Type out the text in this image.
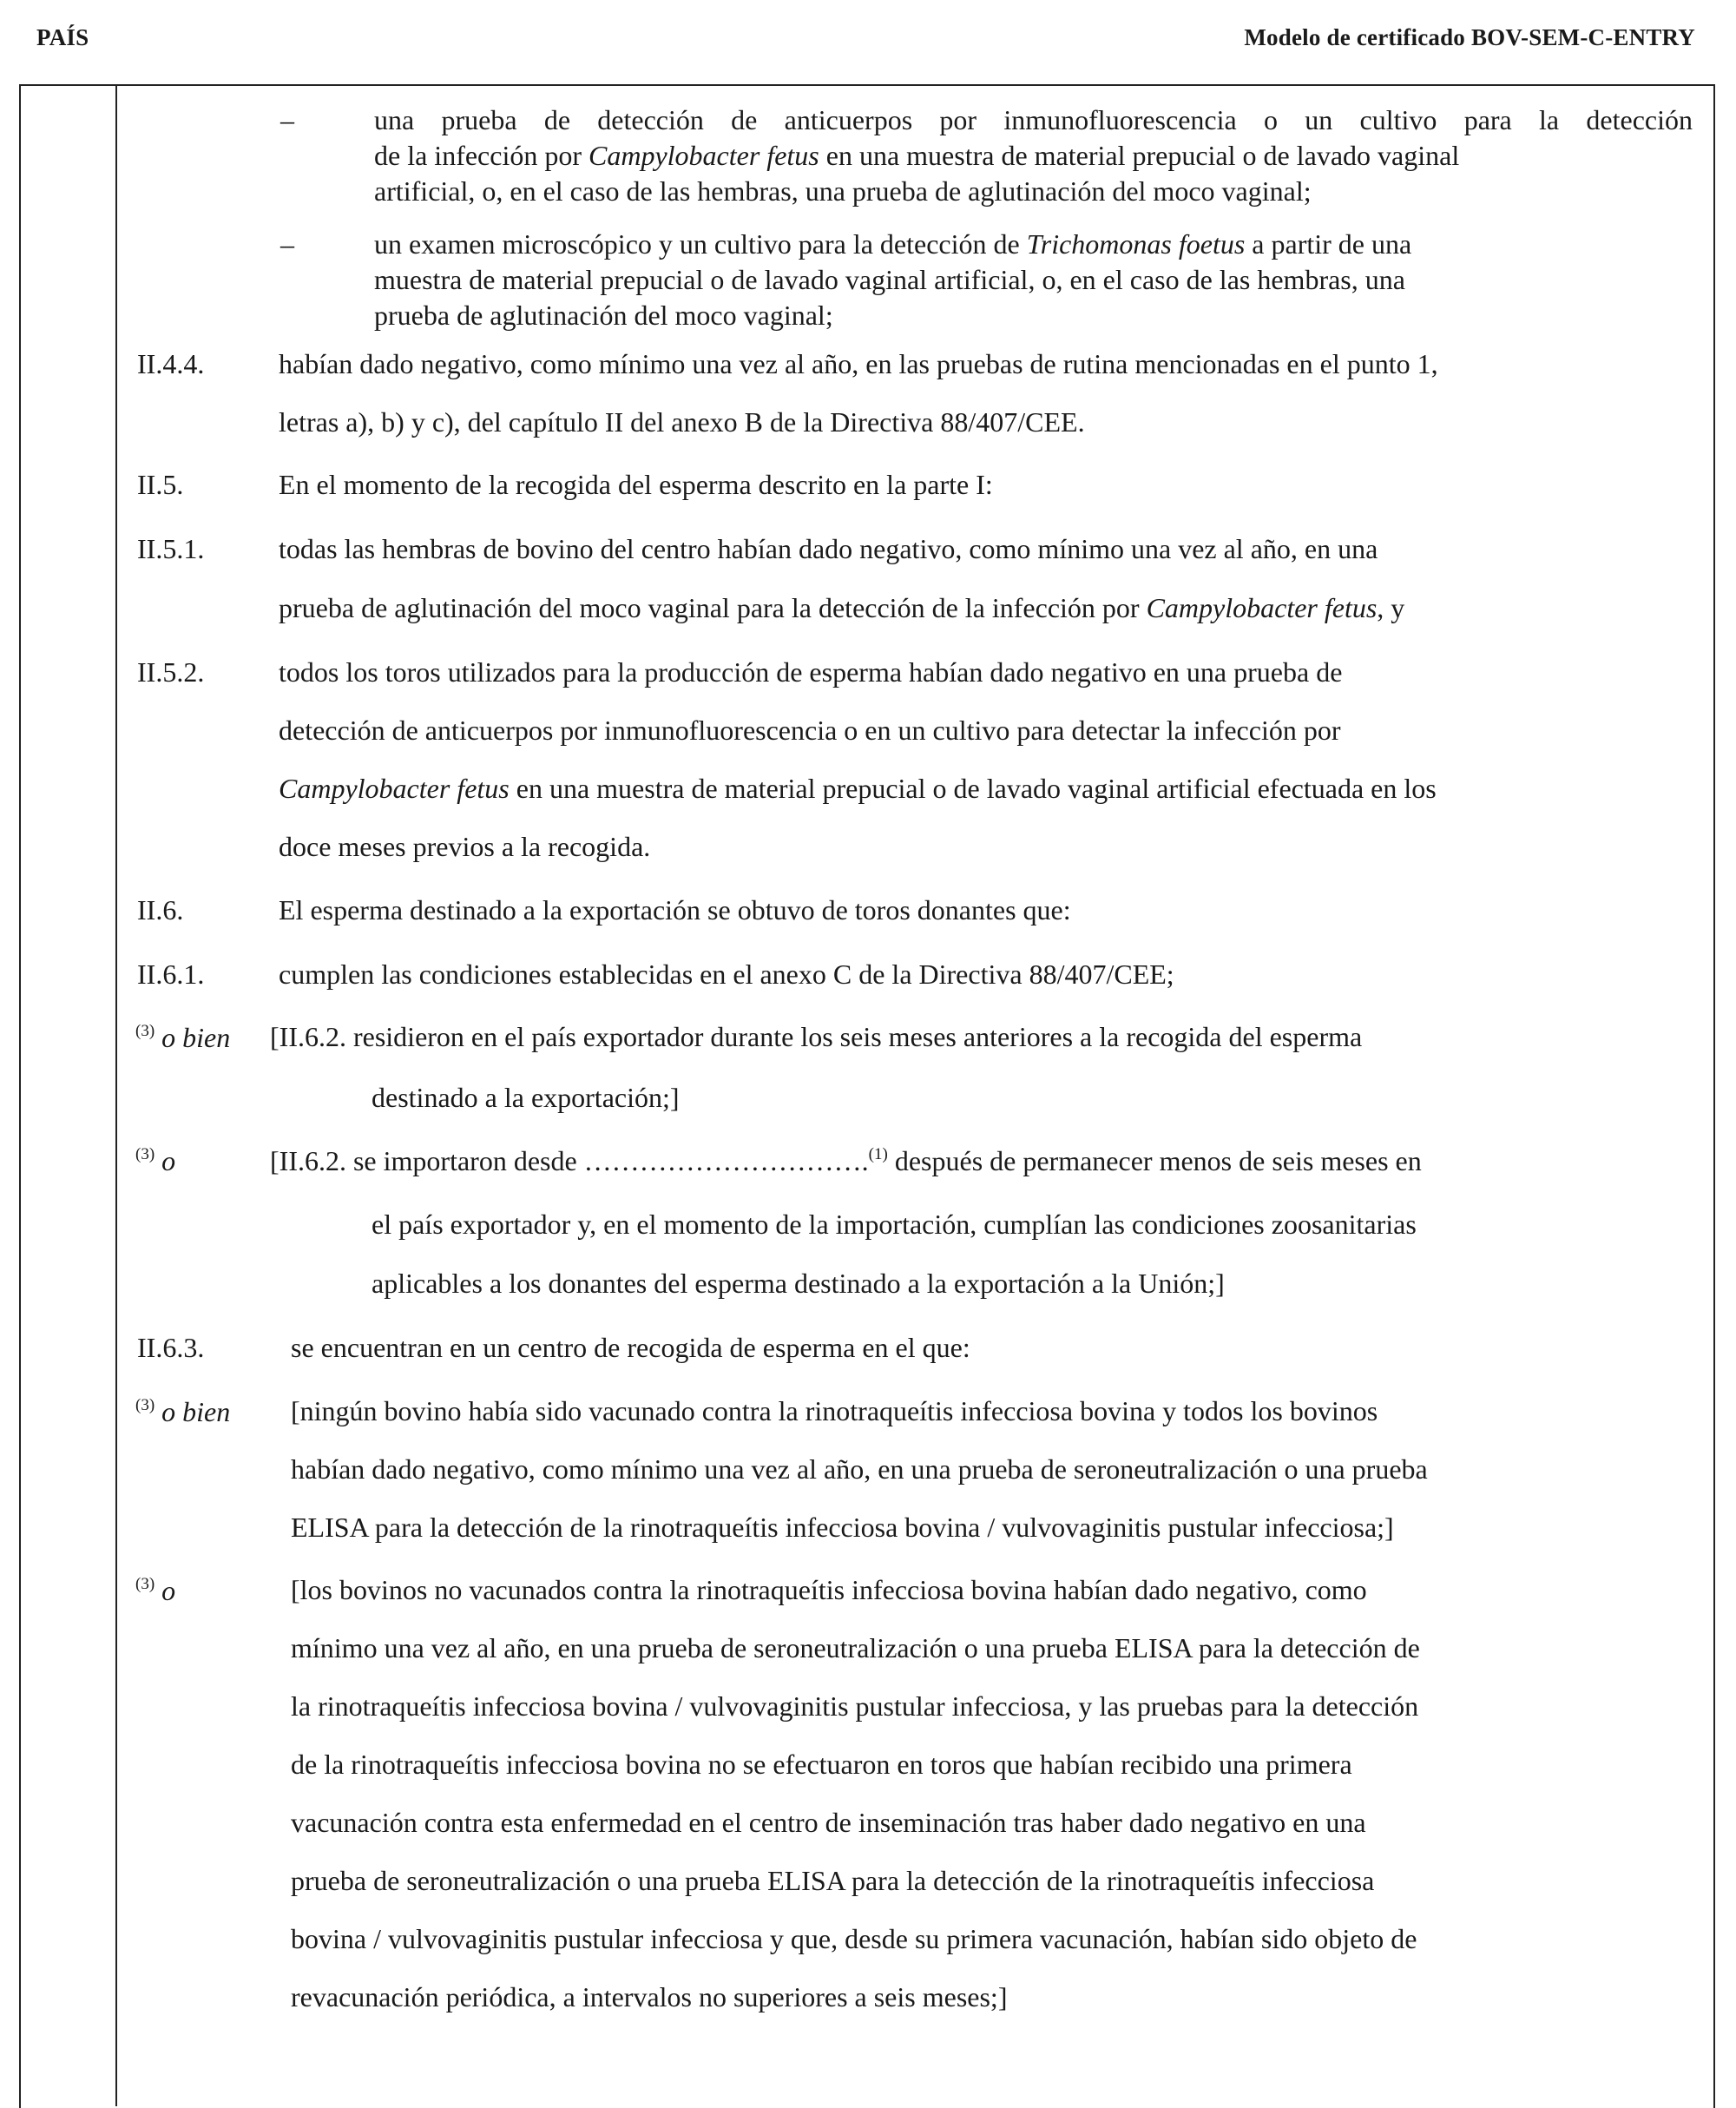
PAÍS	Modelo de certificado BOV-SEM-C-ENTRY
–	una prueba de detección de anticuerpos por inmunofluorescencia o un cultivo para la detección
de la infección por Campylobacter fetus en una muestra de material prepucial o de lavado vaginal
artificial, o, en el caso de las hembras, una prueba de aglutinación del moco vaginal;
–	un examen microscópico y un cultivo para la detección de Trichomonas foetus a partir de una
muestra de material prepucial o de lavado vaginal artificial, o, en el caso de las hembras, una
prueba de aglutinación del moco vaginal;
II.4.4.	habían dado negativo, como mínimo una vez al año, en las pruebas de rutina mencionadas en el punto 1,
letras a), b) y c), del capítulo II del anexo B de la Directiva 88/407/CEE.
II.5.	En el momento de la recogida del esperma descrito en la parte I:
II.5.1.	todas las hembras de bovino del centro habían dado negativo, como mínimo una vez al año, en una
prueba de aglutinación del moco vaginal para la detección de la infección por Campylobacter fetus, y
II.5.2.	todos los toros utilizados para la producción de esperma habían dado negativo en una prueba de
detección de anticuerpos por inmunofluorescencia o en un cultivo para detectar la infección por
Campylobacter fetus en una muestra de material prepucial o de lavado vaginal artificial efectuada en los
doce meses previos a la recogida.
II.6.	El esperma destinado a la exportación se obtuvo de toros donantes que:
II.6.1.	cumplen las condiciones establecidas en el anexo C de la Directiva 88/407/CEE;
$^{(3)}$ o bien [II.6.2. residieron en el país exportador durante los seis meses anteriores a la recogida del esperma
destinado a la exportación;]
$^{(3)}$ o	[II.6.2. se importaron desde ………………………….$^{(1)}$ después de permanecer menos de seis meses en
el país exportador y, en el momento de la importación, cumplían las condiciones zoosanitarias
aplicables a los donantes del esperma destinado a la exportación a la Unión;]
II.6.3.	se encuentran en un centro de recogida de esperma en el que:
$^{(3)}$ o bien [ningún bovino había sido vacunado contra la rinotraqueítis infecciosa bovina y todos los bovinos
habían dado negativo, como mínimo una vez al año, en una prueba de seroneutralización o una prueba
ELISA para la detección de la rinotraqueítis infecciosa bovina / vulvovaginitis pustular infecciosa;]
$^{(3)}$ o	[los bovinos no vacunados contra la rinotraqueítis infecciosa bovina habían dado negativo, como
mínimo una vez al año, en una prueba de seroneutralización o una prueba ELISA para la detección de
la rinotraqueítis infecciosa bovina / vulvovaginitis pustular infecciosa, y las pruebas para la detección
de la rinotraqueítis infecciosa bovina no se efectuaron en toros que habían recibido una primera
vacunación contra esta enfermedad en el centro de inseminación tras haber dado negativo en una
prueba de seroneutralización o una prueba ELISA para la detección de la rinotraqueítis infecciosa
bovina / vulvovaginitis pustular infecciosa y que, desde su primera vacunación, habían sido objeto de
revacunación periódica, a intervalos no superiores a seis meses;]
